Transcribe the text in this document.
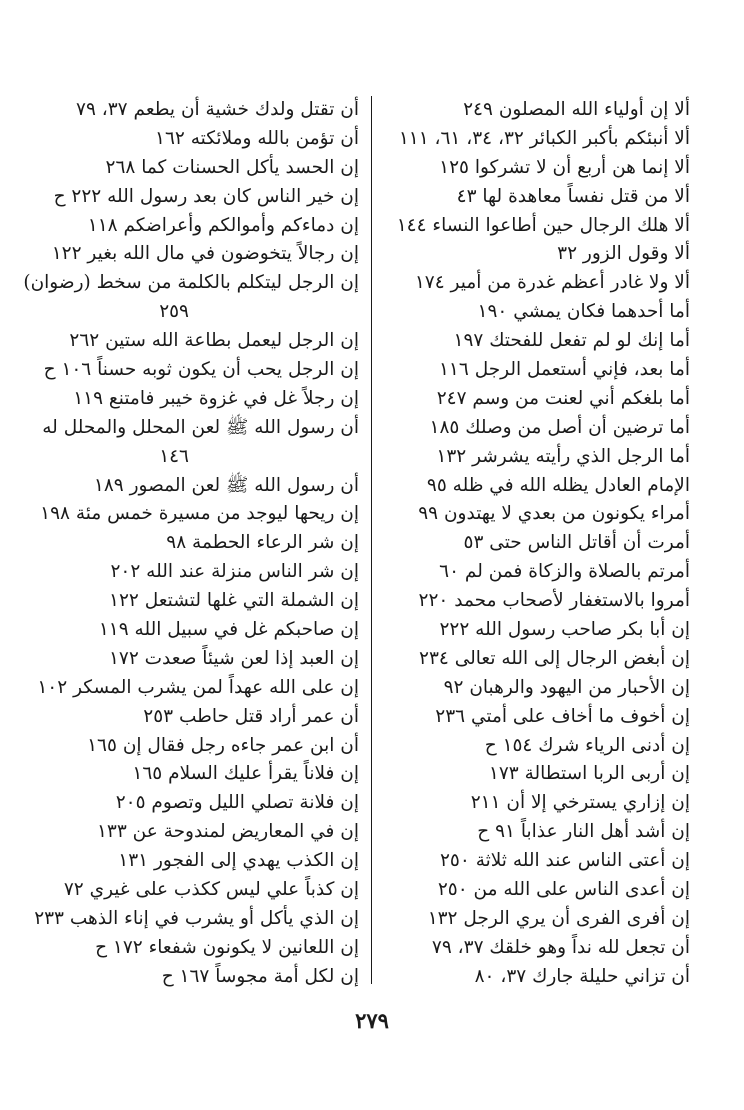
ألا إن أولياء الله المصلون ٢٤٩
ألا أنبئكم بأكبر الكبائر ٣٢، ٣٤، ٦١، ١١١
ألا إنما هن أربع أن لا تشركوا ١٢٥
ألا من قتل نفساً معاهدة لها ٤٣
ألا هلك الرجال حين أطاعوا النساء ١٤٤
ألا وقول الزور ٣٢
ألا ولا غادر أعظم غدرة من أمير ١٧٤
أما أحدهما فكان يمشي ١٩٠
أما إنك لو لم تفعل للفحتك ١٩٧
أما بعد، فإني أستعمل الرجل ١١٦
أما بلغكم أني لعنت من وسم ٢٤٧
أما ترضين أن أصل من وصلك ١٨٥
أما الرجل الذي رأيته يشرشر ١٣٢
الإمام العادل يظله الله في ظله ٩٥
أمراء يكونون من بعدي لا يهتدون ٩٩
أمرت أن أقاتل الناس حتى ٥٣
أمرتم بالصلاة والزكاة فمن لم ٦٠
أمروا بالاستغفار لأصحاب محمد ٢٢٠
إن أبا بكر صاحب رسول الله ٢٢٢
إن أبغض الرجال إلى الله تعالى ٢٣٤
إن الأحبار من اليهود والرهبان ٩٢
إن أخوف ما أخاف على أمتي ٢٣٦
إن أدنى الرياء شرك ١٥٤ ح
إن أربى الربا استطالة ١٧٣
إن إزاري يسترخي إلا أن ٢١١
إن أشد أهل النار عذاباً ٩١ ح
إن أعتى الناس عند الله ثلاثة ٢٥٠
إن أعدى الناس على الله من ٢٥٠
إن أفرى الفرى أن يري الرجل ١٣٢
أن تجعل لله نداً وهو خلقك ٣٧، ٧٩
أن تزاني حليلة جارك ٣٧، ٨٠
أن تقتل ولدك خشية أن يطعم ٣٧، ٧٩
أن تؤمن بالله وملائكته ١٦٢
إن الحسد يأكل الحسنات كما ٢٦٨
إن خير الناس كان بعد رسول الله ٢٢٢ ح
إن دماءكم وأموالكم وأعراضكم ١١٨
إن رجالاً يتخوضون في مال الله بغير ١٢٢
إن الرجل ليتكلم بالكلمة من سخط (رضوان)
٢٥٩
إن الرجل ليعمل بطاعة الله ستين ٢٦٢
إن الرجل يحب أن يكون ثوبه حسناً ١٠٦ ح
إن رجلاً غل في غزوة خيبر فامتنع ١١٩
أن رسول الله ﷺ لعن المحلل والمحلل له
١٤٦
أن رسول الله ﷺ لعن المصور ١٨٩
إن ريحها ليوجد من مسيرة خمس مئة ١٩٨
إن شر الرعاء الحطمة ٩٨
إن شر الناس منزلة عند الله ٢٠٢
إن الشملة التي غلها لتشتعل ١٢٢
إن صاحبكم غل في سبيل الله ١١٩
إن العبد إذا لعن شيئاً صعدت ١٧٢
إن على الله عهداً لمن يشرب المسكر ١٠٢
أن عمر أراد قتل حاطب ٢٥٣
أن ابن عمر جاءه رجل فقال إن ١٦٥
إن فلاناً يقرأ عليك السلام ١٦٥
إن فلانة تصلي الليل وتصوم ٢٠٥
إن في المعاريض لمندوحة عن ١٣٣
إن الكذب يهدي إلى الفجور ١٣١
إن كذباً علي ليس ككذب على غيري ٧٢
إن الذي يأكل أو يشرب في إناء الذهب ٢٣٣
إن اللعانين لا يكونون شفعاء ١٧٢ ح
إن لكل أمة مجوساً ١٦٧ ح
٢٧٩
